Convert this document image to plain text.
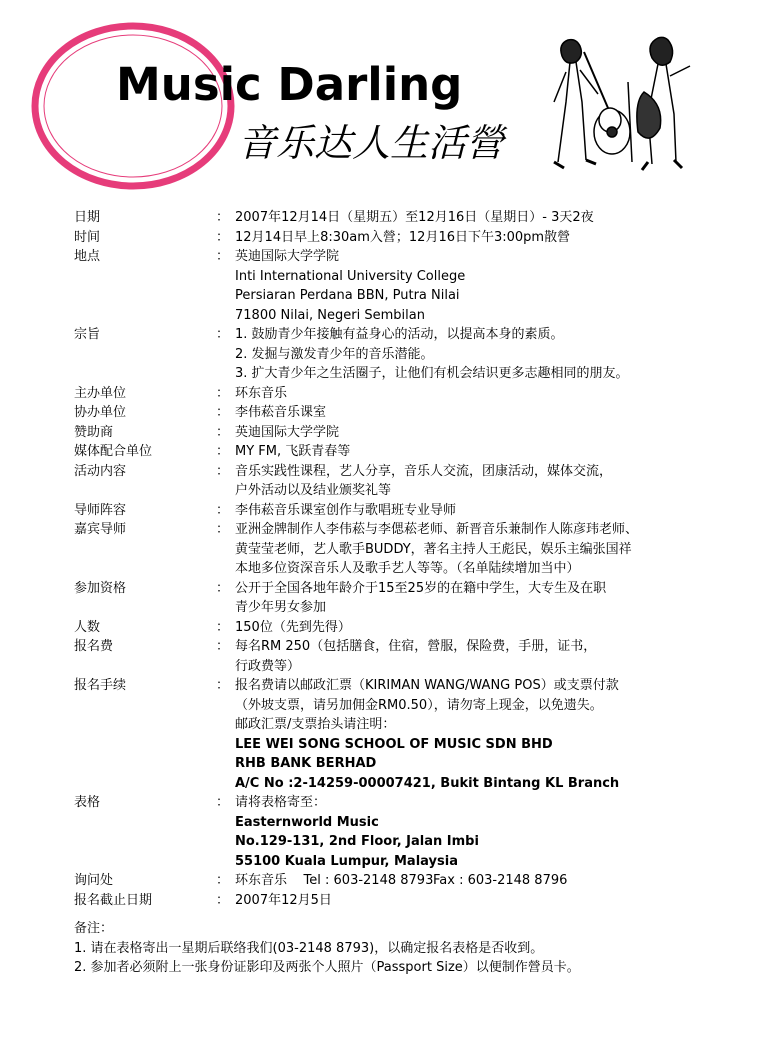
Music Darling
音乐达人生活營
日期	： 2007年12月14日（星期五）至12月16日（星期日）- 3天2夜
时间	： 12月14日早上8:30am入營；12月16日下午3:00pm散營
地点	： 英迪国际大学学院
Inti International University College
Persiaran Perdana BBN, Putra Nilai
71800 Nilai, Negeri Sembilan
宗旨	： 1. 鼓励青少年接触有益身心的活动，以提高本身的素质。
2. 发掘与激发青少年的音乐潜能。
3. 扩大青少年之生活圈子，让他们有机会结识更多志趣相同的朋友。
主办单位	： 环东音乐
协办单位	： 李伟菘音乐课室
赞助商	： 英迪国际大学学院
媒体配合单位	： MY FM, 飞跃青春等
活动内容	： 音乐实践性课程，艺人分享，音乐人交流，团康活动，媒体交流，
户外活动以及结业颁奖礼等
导师阵容	： 李伟菘音乐课室创作与歌唱班专业导师
嘉宾导师	： 亚洲金牌制作人李伟菘与李偲菘老师、新晋音乐兼制作人陈彦玮老师、
黄莹莹老师，艺人歌手BUDDY，著名主持人王彪民，娱乐主编张国祥
本地多位资深音乐人及歌手艺人等等。（名单陆续增加当中）
参加资格	： 公开于全国各地年龄介于15至25岁的在籍中学生，大专生及在职
青少年男女参加
人数	： 150位（先到先得）
报名费	： 每名RM 250（包括膳食，住宿，營服，保险费，手册，证书，
行政费等）
报名手续	： 报名费请以邮政汇票（KIRIMAN WANG/WANG POS）或支票付款
（外坡支票，请另加佣金RM0.50），请勿寄上现金，以免遗失。
邮政汇票/支票抬头请注明：
LEE WEI SONG SCHOOL OF MUSIC SDN BHD
RHB BANK BERHAD
A/C No :2-14259-00007421, Bukit Bintang KL Branch
表格	： 请将表格寄至：
Easternworld Music
No.129-131, 2nd Floor, Jalan Imbi
55100 Kuala Lumpur, Malaysia
询问处	： 环东音乐 Tel : 603-2148 8793Fax : 603-2148 8796
报名截止日期	： 2007年12月5日
备注：
1. 请在表格寄出一星期后联络我们(03-2148 8793)，以确定报名表格是否收到。
2. 参加者必须附上一张身份证影印及两张个人照片（Passport Size）以便制作營员卡。
